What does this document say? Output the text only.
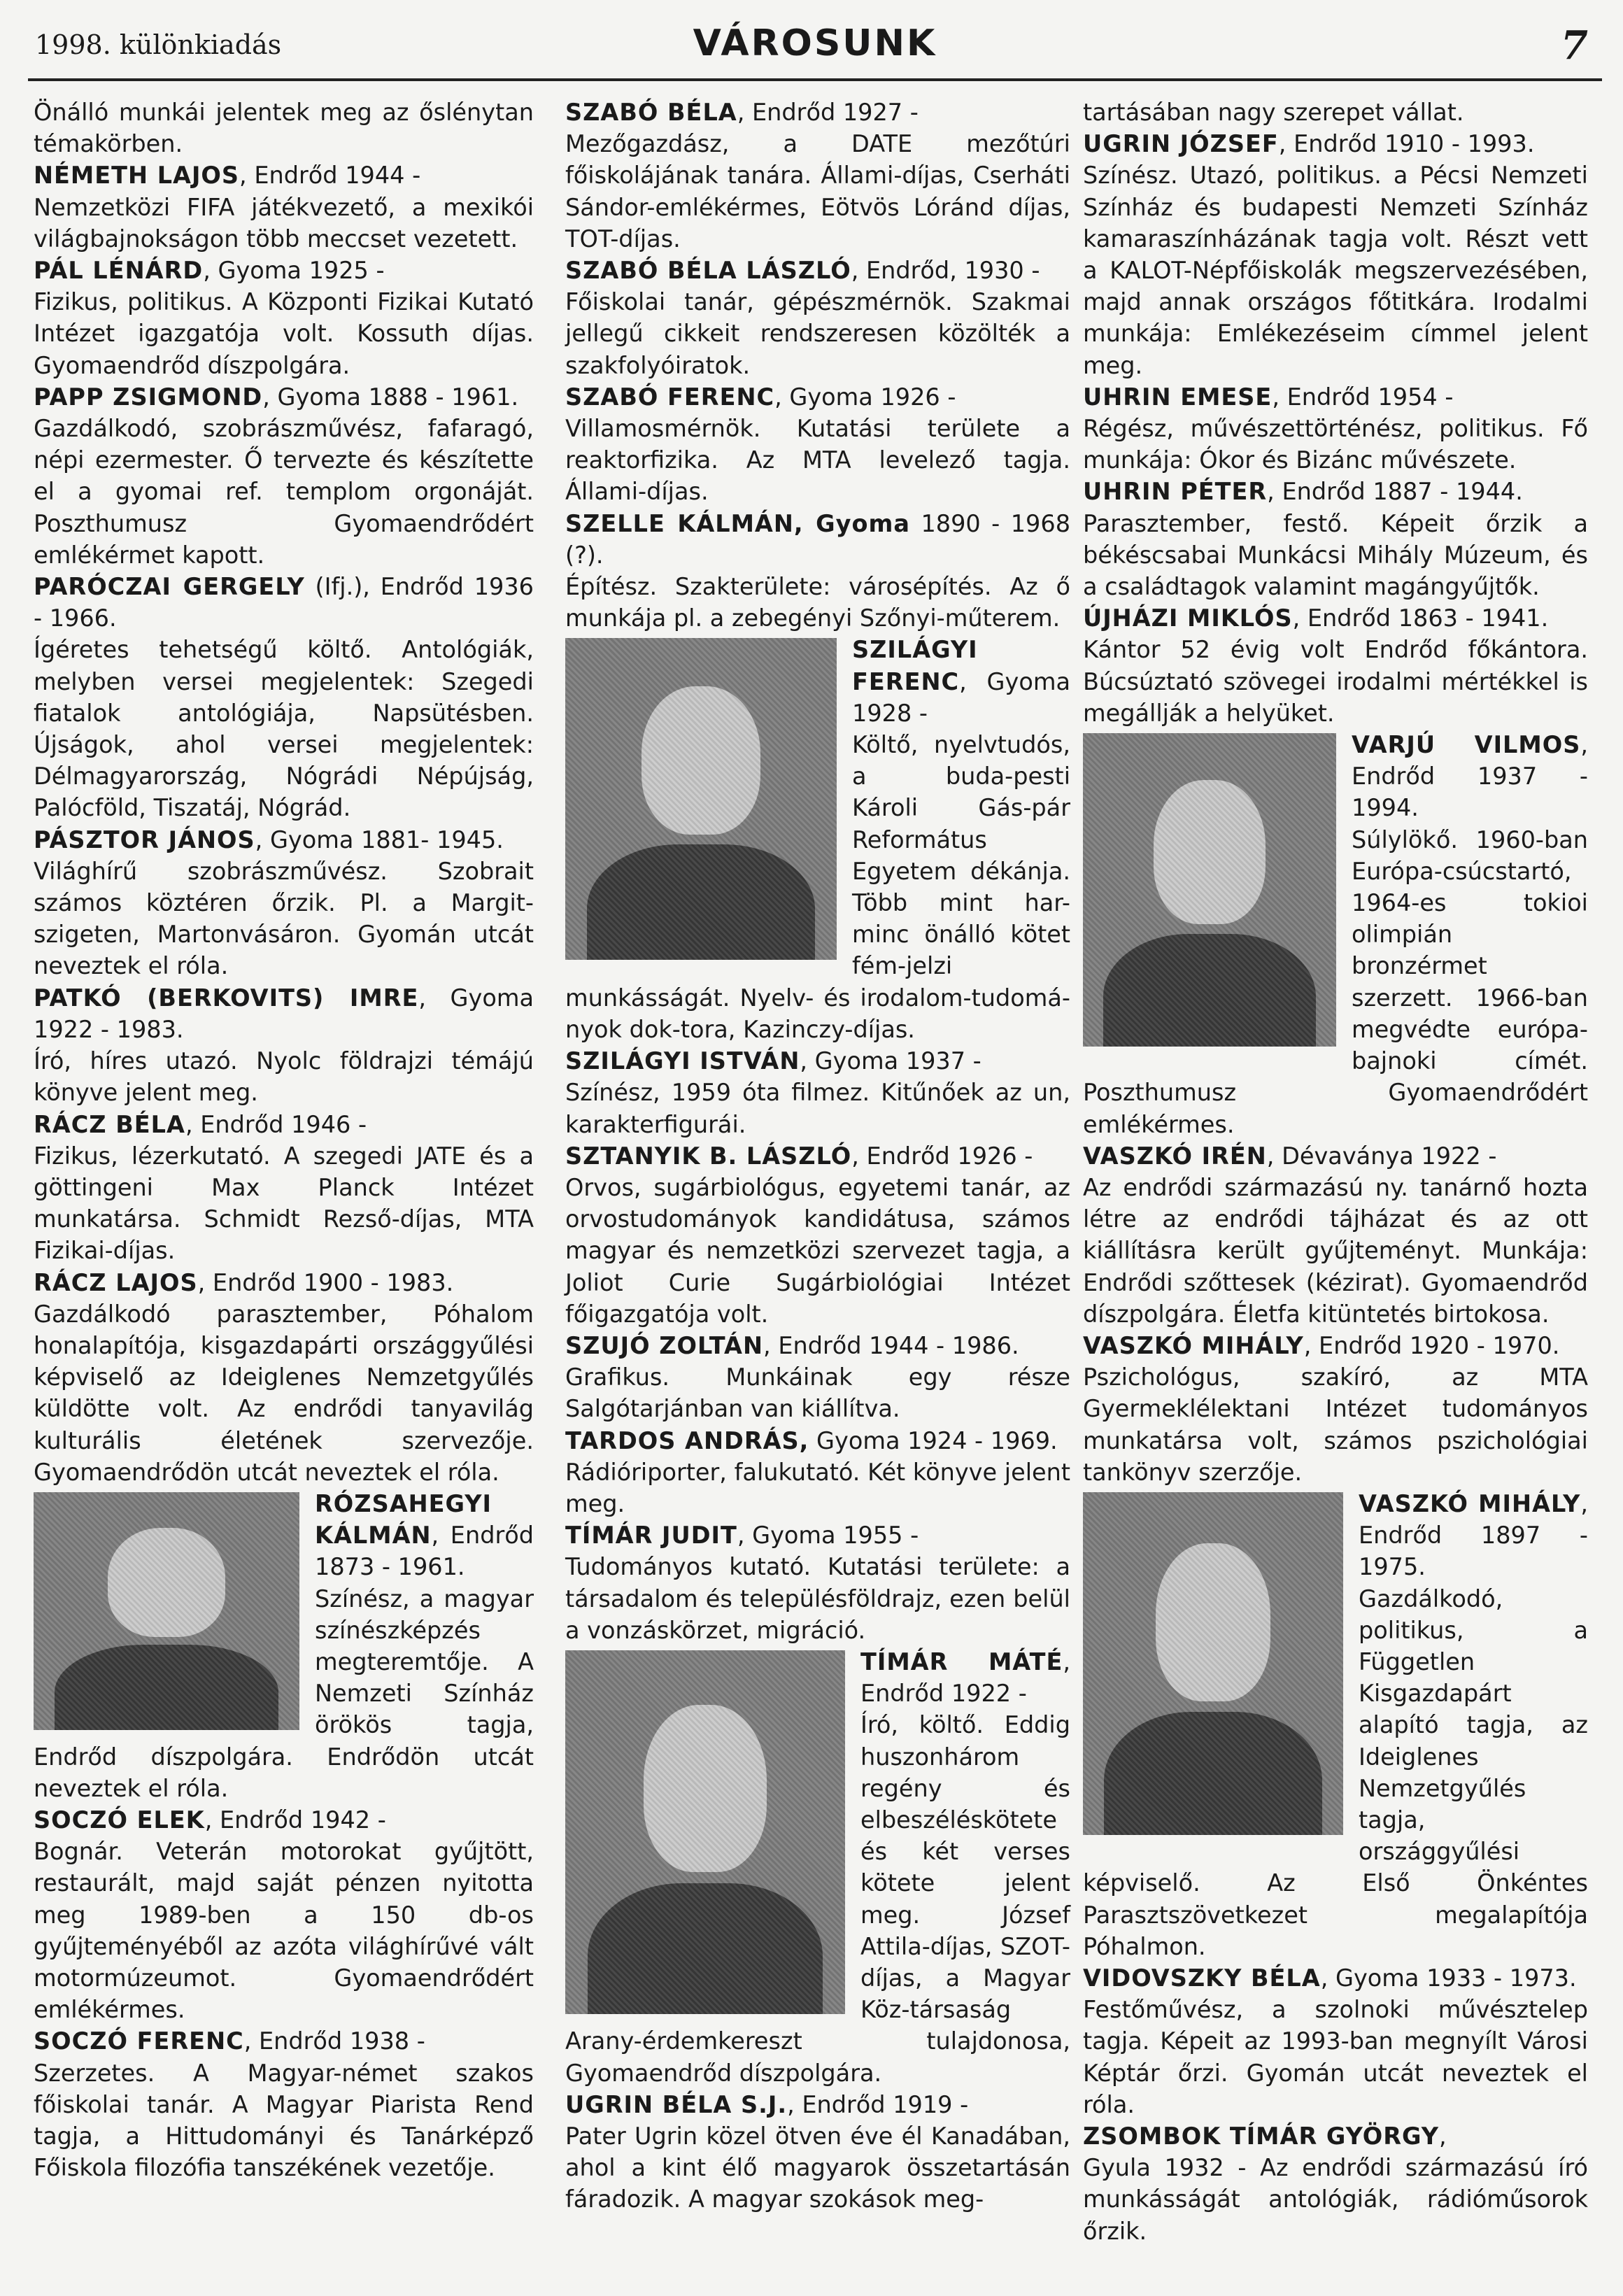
1998. különkiadás	VÁROSUNK	7

Önálló munkái jelentek meg az őslénytan témakörben.

NÉMETH LAJOS, Endrőd 1944 -
Nemzetközi FIFA játékvezető, a mexikói világbajnokságon több meccset vezetett.

PÁL LÉNÁRD, Gyoma 1925 -
Fizikus, politikus. A Központi Fizikai Kutató Intézet igazgatója volt. Kossuth díjas. Gyomaendrőd díszpolgára.

PAPP ZSIGMOND, Gyoma 1888 - 1961.
Gazdálkodó, szobrászművész, fafaragó, népi ezermester. Ő tervezte és készítette el a gyomai ref. templom orgonáját. Poszthumusz Gyomaendrődért emlékérmet kapott.

PARÓCZAI GERGELY (Ifj.), Endrőd 1936 - 1966.
Ígéretes tehetségű költő. Antológiák, melyben versei megjelentek: Szegedi fiatalok antológiája, Napsütésben. Újságok, ahol versei megjelentek: Délmagyarország, Nógrádi Népújság, Palócföld, Tiszatáj, Nógrád.

PÁSZTOR JÁNOS, Gyoma 1881- 1945.
Világhírű szobrászművész. Szobrait számos köztéren őrzik. Pl. a Margit-szigeten, Martonvásáron. Gyomán utcát neveztek el róla.

PATKÓ (BERKOVITS) IMRE, Gyoma 1922 - 1983.
Író, híres utazó. Nyolc földrajzi témájú könyve jelent meg.

RÁCZ BÉLA, Endrőd 1946 -
Fizikus, lézerkutató. A szegedi JATE és a göttingeni Max Planck Intézet munkatársa. Schmidt Rezső-díjas, MTA Fizikai-díjas.

RÁCZ LAJOS, Endrőd 1900 - 1983.
Gazdálkodó parasztember, Póhalom honalapítója, kisgazdapárti országgyűlési képviselő az Ideiglenes Nemzetgyűlés küldötte volt. Az endrődi tanyavilág kulturális életének szervezője. Gyomaendrődön utcát neveztek el róla.

RÓZSAHEGYI KÁLMÁN, Endrőd 1873 - 1961.
Színész, a magyar színészképzés megteremtője. A Nemzeti Színház örökös tagja, Endrőd díszpolgára. Endrődön utcát neveztek el róla.

SOCZÓ ELEK, Endrőd 1942 -
Bognár. Veterán motorokat gyűjtött, restaurált, majd saját pénzen nyitotta meg 1989-ben a 150 db-os gyűjteményéből az azóta világhírűvé vált motormúzeumot. Gyomaendrődért emlékérmes.

SOCZÓ FERENC, Endrőd 1938 -
Szerzetes. A Magyar-német szakos főiskolai tanár. A Magyar Piarista Rend tagja, a Hittudományi és Tanárképző Főiskola filozófia tanszékének vezetője.

SZABÓ BÉLA, Endrőd 1927 -
Mezőgazdász, a DATE mezőtúri főiskolájának tanára. Állami-díjas, Cserháti Sándor-emlékérmes, Eötvös Lóránd díjas, TOT-díjas.

SZABÓ BÉLA LÁSZLÓ, Endrőd, 1930 -
Főiskolai tanár, gépészmérnök. Szakmai jellegű cikkeit rendszeresen közölték a szakfolyóiratok.

SZABÓ FERENC, Gyoma 1926 -
Villamosmérnök. Kutatási területe a reaktorfizika. Az MTA levelező tagja. Állami-díjas.

SZELLE KÁLMÁN, Gyoma 1890 - 1968 (?).
Építész. Szakterülete: városépítés. Az ő munkája pl. a zebegényi Szőnyi-műterem.

SZILÁGYI FERENC, Gyoma 1928 -
Költő, nyelvtudós, a buda-pesti Károli Gás-pár Református Egyetem dékánja. Több mint har-minc önálló kötet fém-jelzi munkásságát. Nyelv- és irodalom-tudomá-nyok dok-tora, Kazinczy-díjas.

SZILÁGYI ISTVÁN, Gyoma 1937 -
Színész, 1959 óta filmez. Kitűnőek az un, karakterfigurái.

SZTANYIK B. LÁSZLÓ, Endrőd 1926 -
Orvos, sugárbiológus, egyetemi tanár, az orvostudományok kandidátusa, számos magyar és nemzetközi szervezet tagja, a Joliot Curie Sugárbiológiai Intézet főigazgatója volt.

SZUJÓ ZOLTÁN, Endrőd 1944 - 1986.
Grafikus. Munkáinak egy része Salgótarjánban van kiállítva.

TARDOS ANDRÁS, Gyoma 1924 - 1969.
Rádióriporter, falukutató. Két könyve jelent meg.

TÍMÁR JUDIT, Gyoma 1955 -
Tudományos kutató. Kutatási területe: a társadalom és településföldrajz, ezen belül a vonzáskörzet, migráció.

TÍMÁR MÁTÉ, Endrőd 1922 -
Író, költő. Eddig huszonhárom regény és elbeszéléskötete és két verses kötete jelent meg. József Attila-díjas, SZOT-díjas, a Magyar Köz-társaság Arany-érdemkereszt tulajdonosa, Gyomaendrőd díszpolgára.

UGRIN BÉLA S.J., Endrőd 1919 -
Pater Ugrin közel ötven éve él Kanadában, ahol a kint élő magyarok összetartásán fáradozik. A magyar szokások meg-

tartásában nagy szerepet vállat.

UGRIN JÓZSEF, Endrőd 1910 - 1993.
Színész. Utazó, politikus. a Pécsi Nemzeti Színház és budapesti Nemzeti Színház kamaraszínházának tagja volt. Részt vett a KALOT-Népfőiskolák megszervezésében, majd annak országos főtitkára. Irodalmi munkája: Emlékezéseim címmel jelent meg.

UHRIN EMESE, Endrőd 1954 -
Régész, művészettörténész, politikus. Fő munkája: Ókor és Bizánc művészete.

UHRIN PÉTER, Endrőd 1887 - 1944.
Parasztember, festő. Képeit őrzik a békéscsabai Munkácsi Mihály Múzeum, és a családtagok valamint magángyűjtők.

ÚJHÁZI MIKLÓS, Endrőd 1863 - 1941.
Kántor 52 évig volt Endrőd főkántora. Búcsúztató szövegei irodalmi mértékkel is megállják a helyüket.

VARJÚ VILMOS, Endrőd 1937 - 1994.
Súlylökő. 1960-ban Európa-csúcstartó, 1964-es tokioi olimpián bronzérmet szerzett. 1966-ban megvédte európa-bajnoki címét. Poszthumusz Gyomaendrődért emlékérmes.

VASZKÓ IRÉN, Dévaványa 1922 -
Az endrődi származású ny. tanárnő hozta létre az endrődi tájházat és az ott kiállításra került gyűjteményt. Munkája: Endrődi szőttesek (kézirat). Gyomaendrőd díszpolgára. Életfa kitüntetés birtokosa.

VASZKÓ MIHÁLY, Endrőd 1920 - 1970.
Pszichológus, szakíró, az MTA Gyermeklélektani Intézet tudományos munkatársa volt, számos pszichológiai tankönyv szerzője.

VASZKÓ MIHÁLY, Endrőd 1897 - 1975.
Gazdálkodó, politikus, a Független Kisgazdapárt alapító tagja, az Ideiglenes Nemzetgyűlés tagja, országgyűlési képviselő. Az Első Önkéntes Parasztszövetkezet megalapítója Póhalmon.

VIDOVSZKY BÉLA, Gyoma 1933 - 1973.
Festőművész, a szolnoki művésztelep tagja. Képeit az 1993-ban megnyílt Városi Képtár őrzi. Gyomán utcát neveztek el róla.

ZSOMBOK TÍMÁR GYÖRGY,
Gyula 1932 - Az endrődi származású író munkásságát antológiák, rádióműsorok őrzik.
